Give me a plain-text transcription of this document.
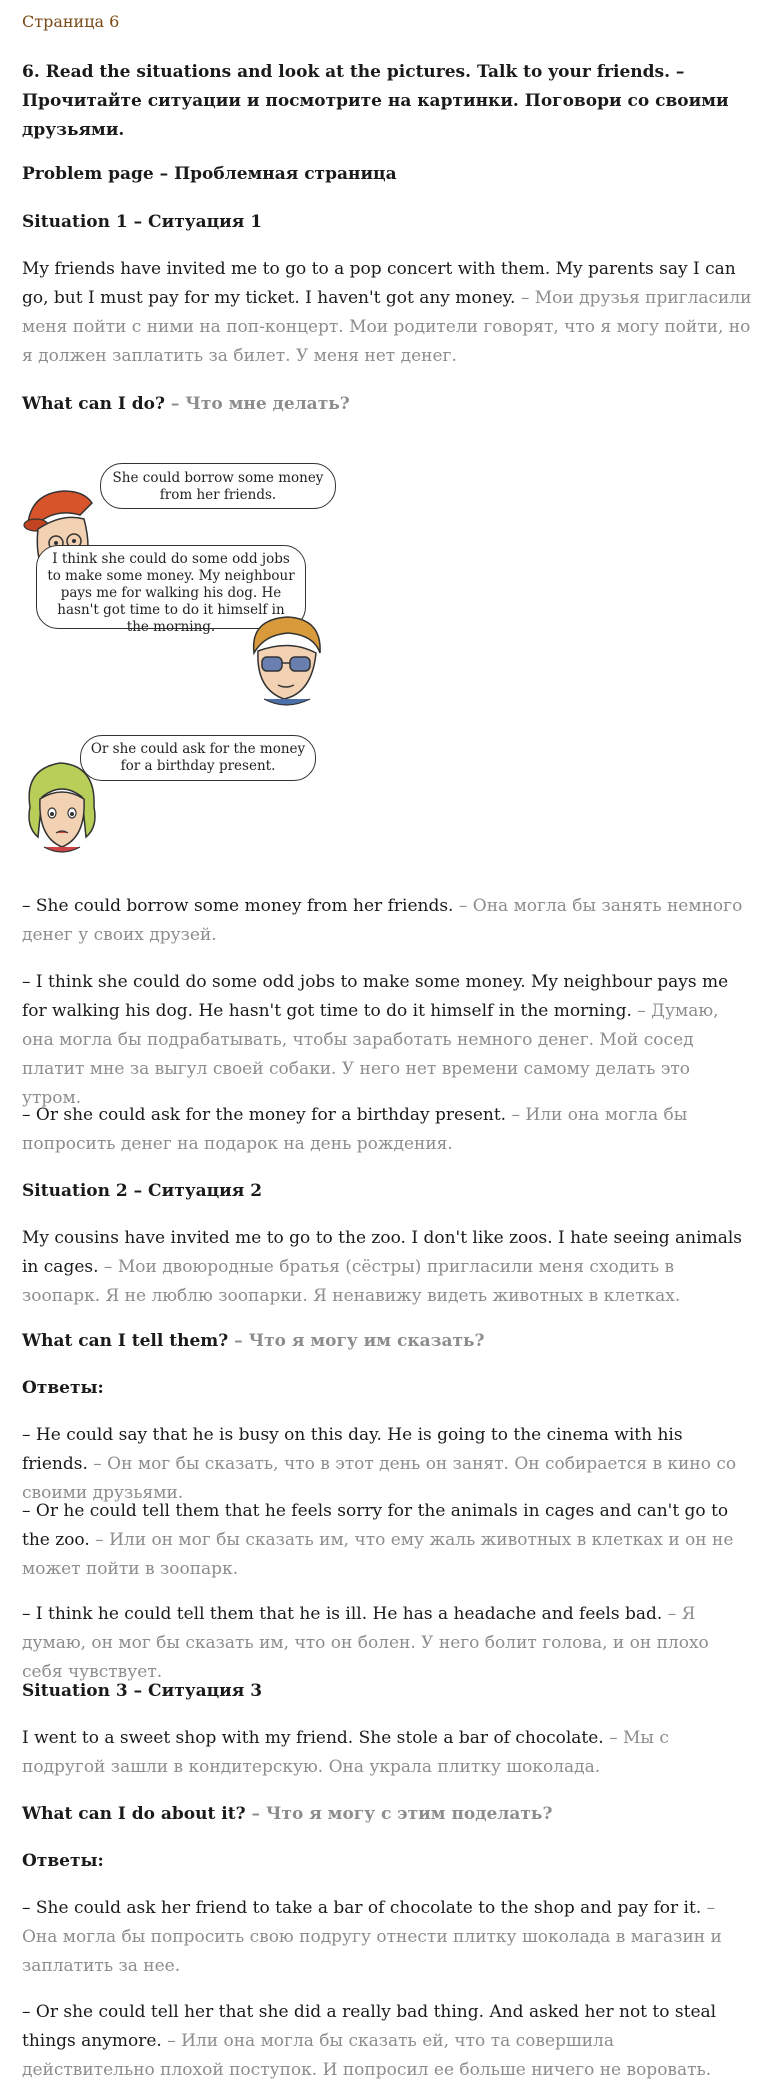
Страница 6

6. Read the situations and look at the pictures. Talk to your friends. – Прочитайте ситуации и посмотрите на картинки. Поговори со своими друзьями.

Problem page – Проблемная страница

Situation 1 – Ситуация 1

My friends have invited me to go to a pop concert with them. My parents say I can go, but I must pay for my ticket. I haven't got any money. – Мои друзья пригласили меня пойти с ними на поп-концерт. Мои родители говорят, что я могу пойти, но я должен заплатить за билет. У меня нет денег.

What can I do? – Что мне делать?

She could borrow some money from her friends.
I think she could do some odd jobs to make some money. My neighbour pays me for walking his dog. He hasn't got time to do it himself in the morning.
Or she could ask for the money for a birthday present.

– She could borrow some money from her friends. – Она могла бы занять немного денег у своих друзей.

– I think she could do some odd jobs to make some money. My neighbour pays me for walking his dog. He hasn't got time to do it himself in the morning. – Думаю, она могла бы подрабатывать, чтобы заработать немного денег. Мой сосед платит мне за выгул своей собаки. У него нет времени самому делать это утром.

– Or she could ask for the money for a birthday present. – Или она могла бы попросить денег на подарок на день рождения.

Situation 2 – Ситуация 2

My cousins have invited me to go to the zoo. I don't like zoos. I hate seeing animals in cages. – Мои двоюродные братья (сёстры) пригласили меня сходить в зоопарк. Я не люблю зоопарки. Я ненавижу видеть животных в клетках.

What can I tell them? – Что я могу им сказать?

Ответы:

– He could say that he is busy on this day. He is going to the cinema with his friends. – Он мог бы сказать, что в этот день он занят. Он собирается в кино со своими друзьями.

– Or he could tell them that he feels sorry for the animals in cages and can't go to the zoo. – Или он мог бы сказать им, что ему жаль животных в клетках и он не может пойти в зоопарк.

– I think he could tell them that he is ill. He has a headache and feels bad. – Я думаю, он мог бы сказать им, что он болен. У него болит голова, и он плохо себя чувствует.

Situation 3 – Ситуация 3

I went to a sweet shop with my friend. She stole a bar of chocolate. – Мы с подругой зашли в кондитерскую. Она украла плитку шоколада.

What can I do about it? – Что я могу с этим поделать?

Ответы:

– She could ask her friend to take a bar of chocolate to the shop and pay for it. – Она могла бы попросить свою подругу отнести плитку шоколада в магазин и заплатить за нее.

– Or she could tell her that she did a really bad thing. And asked her not to steal things anymore. – Или она могла бы сказать ей, что та совершила действительно плохой поступок. И попросил ее больше ничего не воровать.
